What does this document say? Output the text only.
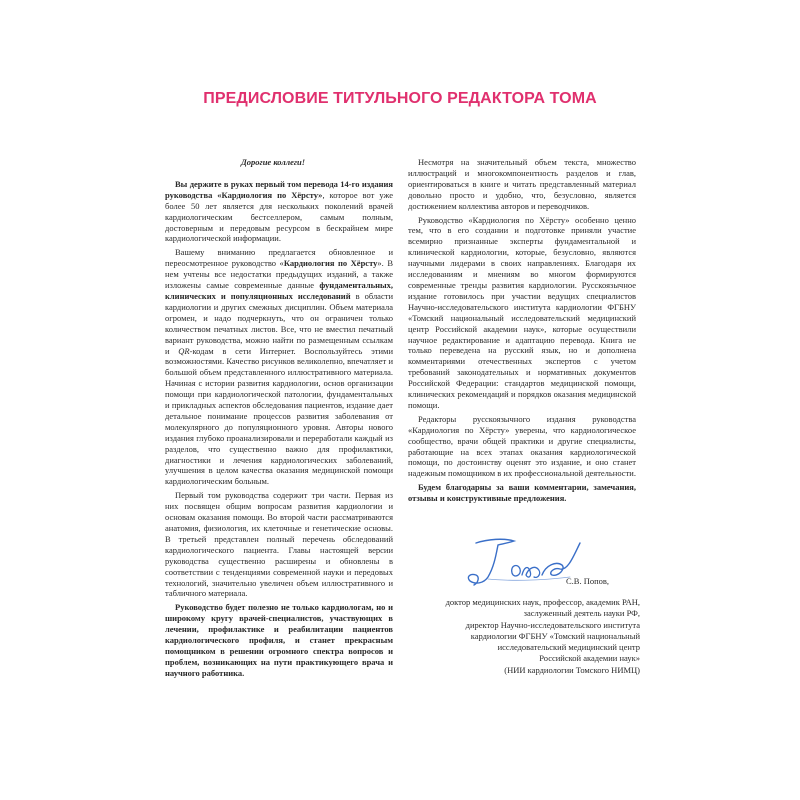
ПРЕДИСЛОВИЕ ТИТУЛЬНОГО РЕДАКТОРА ТОМА

Дорогие коллеги!

Вы держите в руках первый том перевода 14-го издания руководства «Кардиология по Хёрсту», которое вот уже более 50 лет является для нескольких поколений врачей кардиологическим бестселлером, самым полным, достоверным и передовым ресурсом в бескрайнем мире кардиологической информации.

Вашему вниманию предлагается обновленное и переосмотренное руководство «Кардиология по Хёрсту». В нем учтены все недостатки предыдущих изданий, а также изложены самые современные данные фундаментальных, клинических и популяционных исследований в области кардиологии и других смежных дисциплин. Объем материала огромен, и надо подчеркнуть, что он ограничен только количеством печатных листов. Все, что не вместил печатный вариант руководства, можно найти по размещенным ссылкам и QR-кодам в сети Интернет. Воспользуйтесь этими возможностями. Качество рисунков великолепно, впечатляет и большой объем представленного иллюстративного материала. Начиная с истории развития кардиологии, основ организации помощи при кардиологической патологии, фундаментальных и прикладных аспектов обследования пациентов, издание дает детальное понимание процессов развития заболевания от молекулярного до популяционного уровня. Авторы нового издания глубоко проанализировали и переработали каждый из разделов, что существенно важно для профилактики, диагностики и лечения кардиологических заболеваний, улучшения в целом качества оказания медицинской помощи кардиологическим больным.

Первый том руководства содержит три части. Первая из них посвящен общим вопросам развития кардиологии и основам оказания помощи. Во второй части рассматриваются анатомия, физиология, их клеточные и генетические основы. В третьей представлен полный перечень обследований кардиологического пациента. Главы настоящей версии руководства существенно расширены и обновлены в соответствии с тенденциями современной науки и передовых технологий, значительно увеличен объем иллюстративного и табличного материала.

Руководство будет полезно не только кардиологам, но и широкому кругу врачей-специалистов, участвующих в лечении, профилактике и реабилитации пациентов кардиологического профиля, и станет прекрасным помощником в решении огромного спектра вопросов и проблем, возникающих на пути практикующего врача и научного работника.

Несмотря на значительный объем текста, множество иллюстраций и многокомпонентность разделов и глав, ориентироваться в книге и читать представленный материал довольно просто и удобно, что, безусловно, является достижением коллектива авторов и переводчиков.

Руководство «Кардиология по Хёрсту» особенно ценно тем, что в его создании и подготовке приняли участие всемирно признанные эксперты фундаментальной и клинической кардиологии, которые, безусловно, являются научными лидерами в своих направлениях. Благодаря их исследованиям и мнениям во многом формируются современные тренды развития кардиологии. Русскоязычное издание готовилось при участии ведущих специалистов Научно-исследовательского института кардиологии ФГБНУ «Томский национальный исследовательский медицинский центр Российской академии наук», которые осуществили научное редактирование и адаптацию перевода. Книга не только переведена на русский язык, но и дополнена комментариями отечественных экспертов с учетом требований законодательных и нормативных документов Российской Федерации: стандартов медицинской помощи, клинических рекомендаций и порядков оказания медицинской помощи.

Редакторы русскоязычного издания руководства «Кардиология по Хёрсту» уверены, что кардиологическое сообщество, врачи общей практики и другие специалисты, работающие на всех этапах оказания кардиологической помощи, по достоинству оценят это издание, и оно станет надежным помощником в их профессиональной деятельности.

Будем благодарны за ваши комментарии, замечания, отзывы и конструктивные предложения.

С.В. Попов,
доктор медицинских наук, профессор, академик РАН,
заслуженный деятель науки РФ,
директор Научно-исследовательского института
кардиологии ФГБНУ «Томский национальный
исследовательский медицинский центр
Российской академии наук»
(НИИ кардиологии Томского НИМЦ)
